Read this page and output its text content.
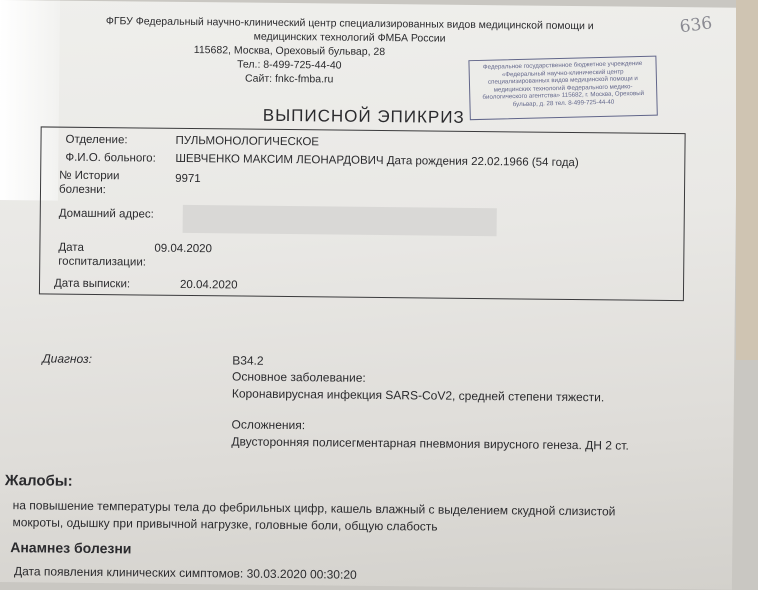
ФГБУ Федеральный научно-клинический центр специализированных видов медицинской помощи и
медицинских технологий ФМБА России
115682, Москва, Ореховый бульвар, 28
Тел.: 8-499-725-44-40
Сайт: fnkc-fmba.ru
636
Федеральное государственное бюджетное учреждение «Федеральный научно-клинический центр специализированных видов медицинской помощи и медицинских технологий Федерального медико-биологического агентства» 115682, г. Москва, Ореховый бульвар, д. 28 тел. 8-499-725-44-40
ВЫПИСНОЙ ЭПИКРИЗ
Отделение:	ПУЛЬМОНОЛОГИЧЕСКОЕ
Ф.И.О. больного: ШЕВЧЕНКО МАКСИМ ЛЕОНАРДОВИЧ Дата рождения 22.02.1966 (54 года)
№ Истории
болезни:
9971
Домашний адрес:
Дата
госпитализации:
09.04.2020
Дата выписки:	20.04.2020
Диагноз:	B34.2
Основное заболевание:
Коронавирусная инфекция SARS-CoV2, средней степени тяжести.
Осложнения:
Двусторонняя полисегментарная пневмония вирусного генеза. ДН 2 ст.
Жалобы:
на повышение температуры тела до фебрильных цифр, кашель влажный с выделением скудной слизистой
мокроты, одышку при привычной нагрузке, головные боли, общую слабость
Анамнез болезни
Дата появления клинических симптомов: 30.03.2020 00:30:20
